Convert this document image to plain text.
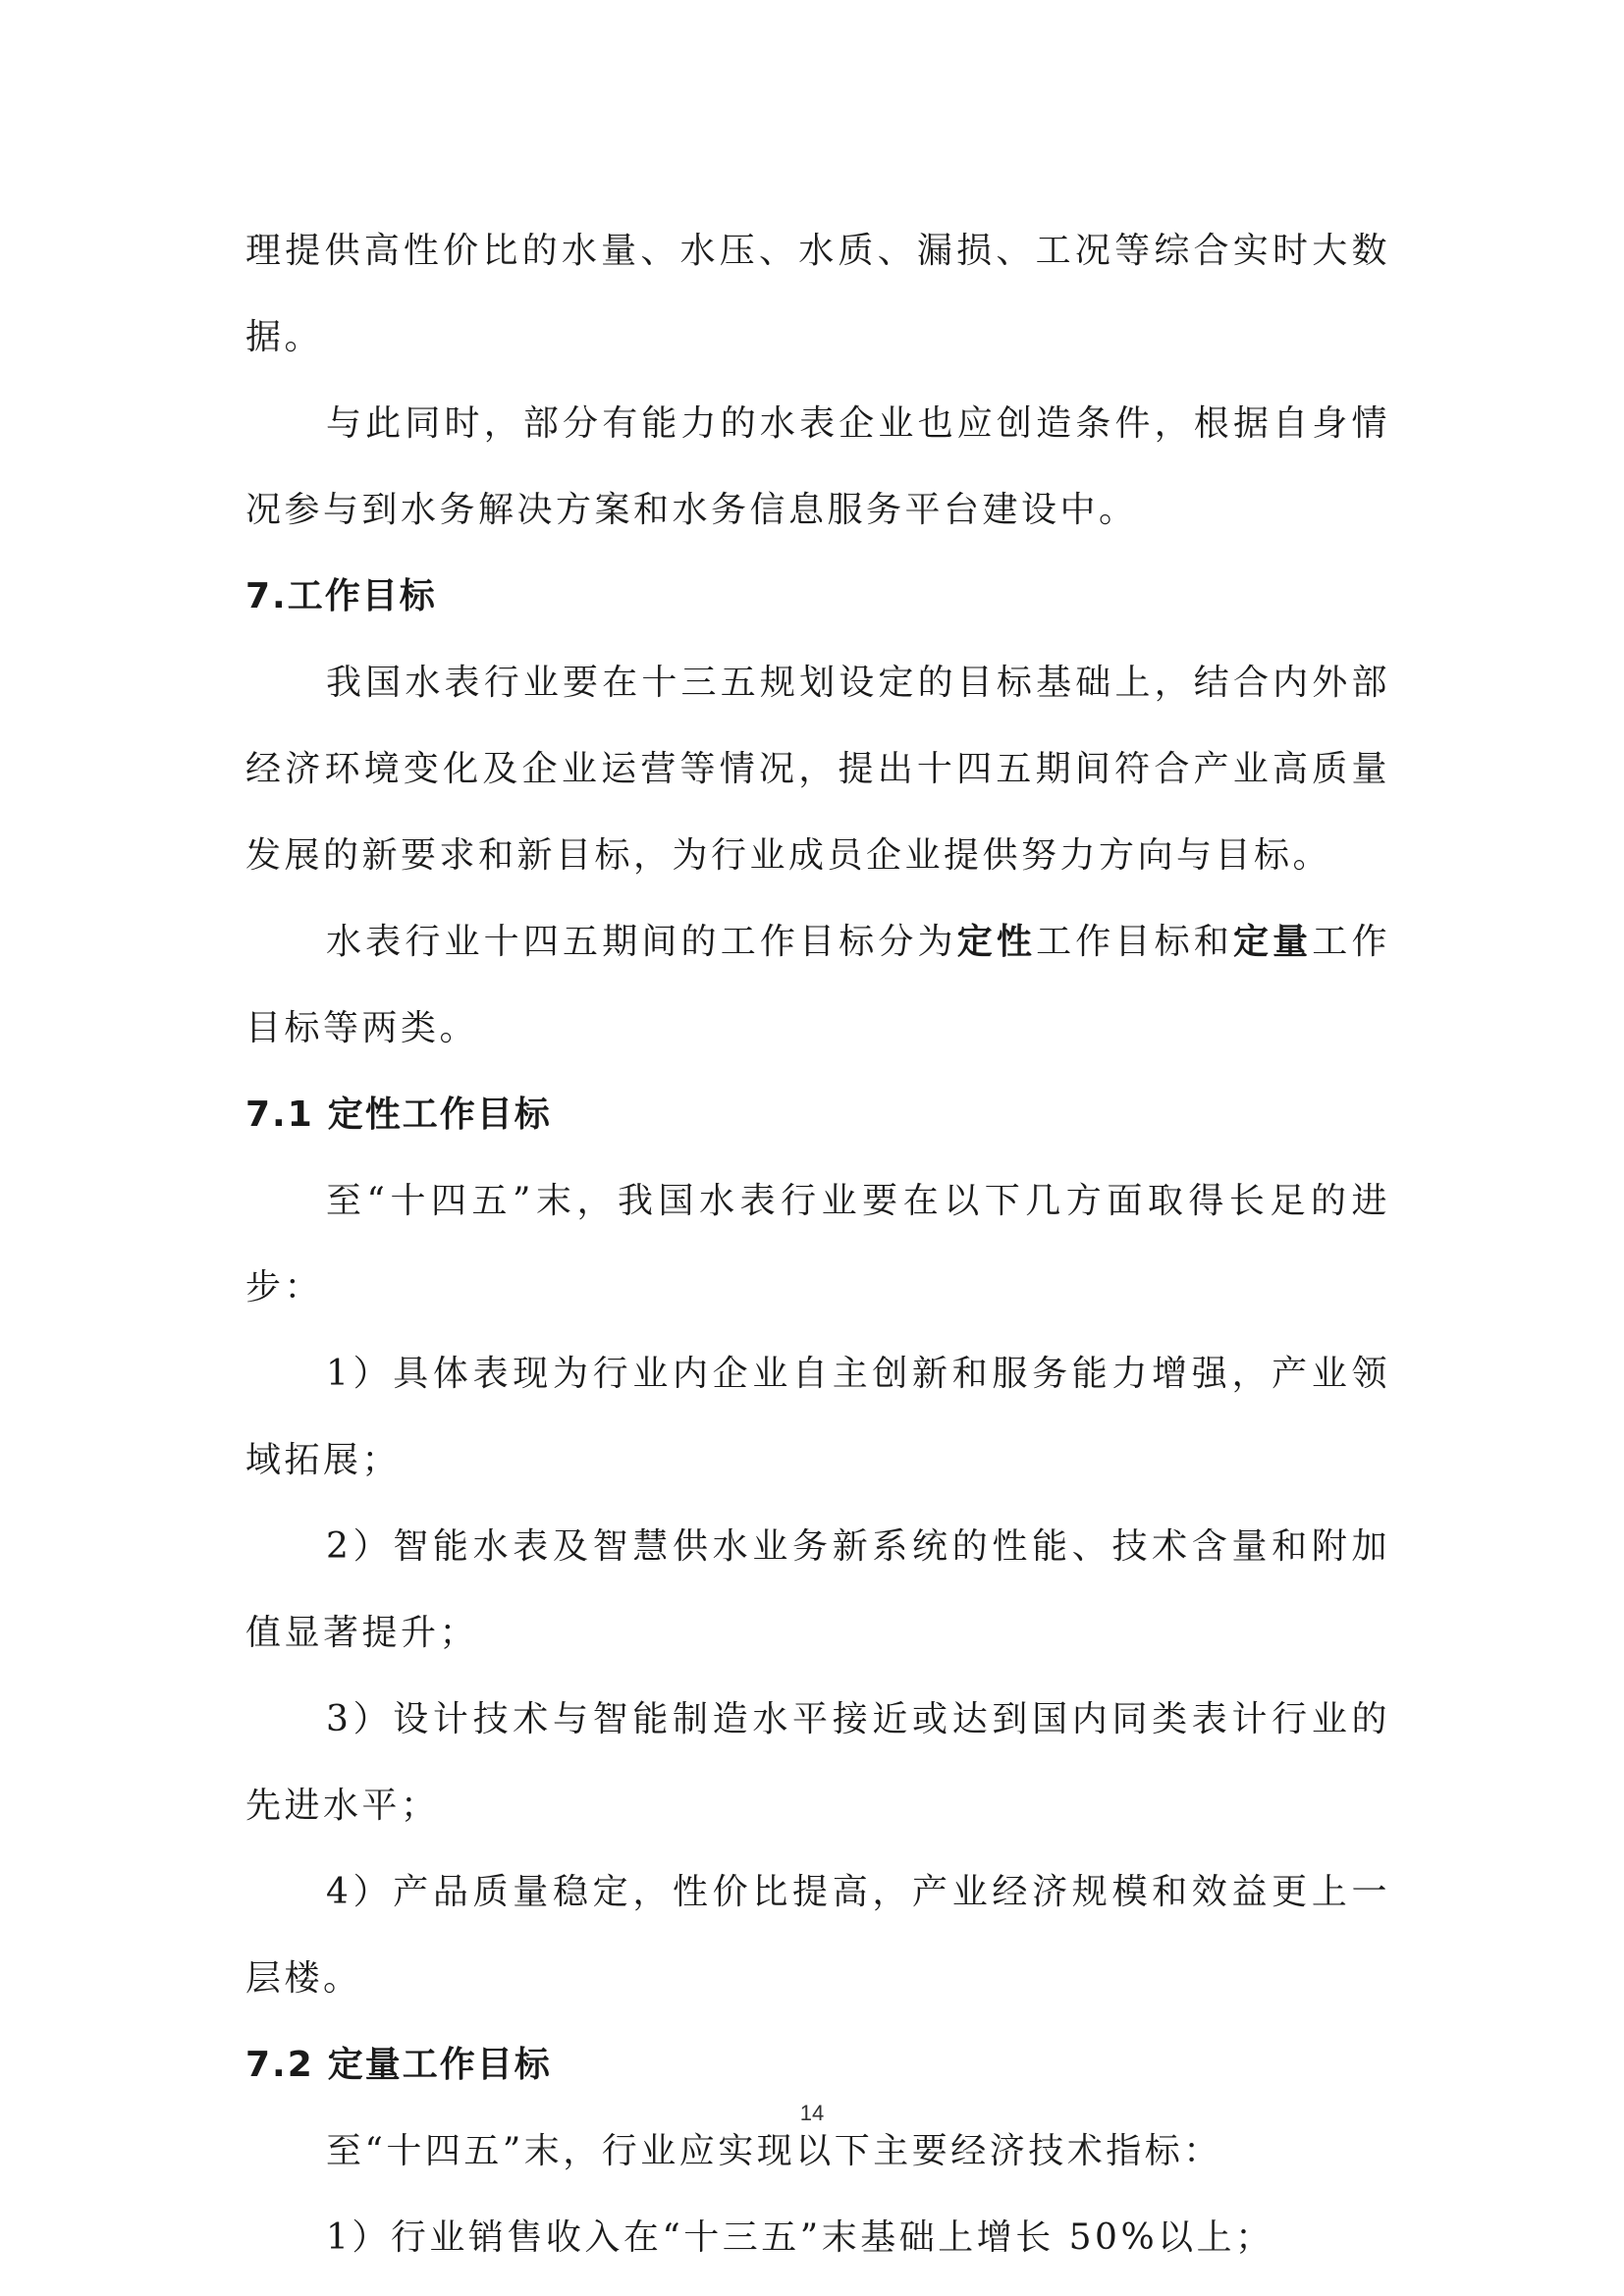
理提供高性价比的水量、水压、水质、漏损、工况等综合实时大数据。

与此同时，部分有能力的水表企业也应创造条件，根据自身情况参与到水务解决方案和水务信息服务平台建设中。

7.工作目标

我国水表行业要在十三五规划设定的目标基础上，结合内外部经济环境变化及企业运营等情况，提出十四五期间符合产业高质量发展的新要求和新目标，为行业成员企业提供努力方向与目标。

水表行业十四五期间的工作目标分为定性工作目标和定量工作目标等两类。

7.1 定性工作目标

至“十四五”末，我国水表行业要在以下几方面取得长足的进步：

1）具体表现为行业内企业自主创新和服务能力增强，产业领域拓展；

2）智能水表及智慧供水业务新系统的性能、技术含量和附加值显著提升；

3）设计技术与智能制造水平接近或达到国内同类表计行业的先进水平；

4）产品质量稳定，性价比提高，产业经济规模和效益更上一层楼。

7.2 定量工作目标

至“十四五”末，行业应实现以下主要经济技术指标：

1）行业销售收入在“十三五”末基础上增长 50%以上；

14
